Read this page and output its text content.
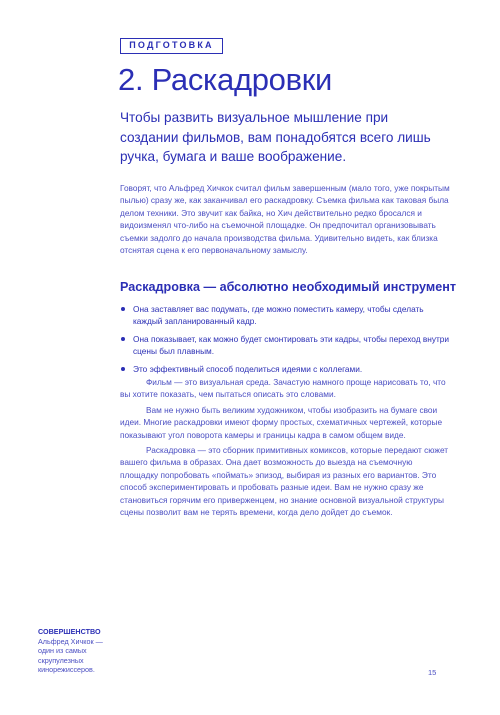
ПОДГОТОВКА
2. Раскадровки

Чтобы развить визуальное мышление при создании фильмов, вам понадобятся всего лишь ручка, бумага и ваше воображение.

Говорят, что Альфред Хичкок считал фильм завершенным (мало того, уже покрытым пылью) сразу же, как заканчивал его раскадровку. Съемка фильма как таковая была делом техники. Это звучит как байка, но Хич действительно редко бросался и видоизменял что-либо на съемочной площадке. Он предпочитал организовывать съемки задолго до начала производства фильма. Удивительно видеть, как близка отснятая сцена к его первоначальному замыслу.

Раскадровка — абсолютно необходимый инструмент
Она заставляет вас подумать, где можно поместить камеру, чтобы сделать каждый запланированный кадр.
Она показывает, как можно будет смонтировать эти кадры, чтобы переход внутри сцены был плавным.
Это эффективный способ поделиться идеями с коллегами.

Фильм — это визуальная среда. Зачастую намного проще нарисовать то, что вы хотите показать, чем пытаться описать это словами.

Вам не нужно быть великим художником, чтобы изобразить на бумаге свои идеи. Многие раскадровки имеют форму простых, схематичных чертежей, которые показывают угол поворота камеры и границы кадра в самом общем виде.

Раскадровка — это сборник примитивных комиксов, которые передают сюжет вашего фильма в образах. Она дает возможность до выезда на съемочную площадку попробовать «поймать» эпизод, выбирая из разных его вариантов. Это способ экспериментировать и пробовать разные идеи. Вам не нужно сразу же становиться горячим его приверженцем, но знание основной визуальной структуры сцены позволит вам не терять времени, когда дело дойдет до съемок.

СОВЕРШЕНСТВО
Альфред Хичкок — один из самых скрупулезных кинорежиссеров.	15
